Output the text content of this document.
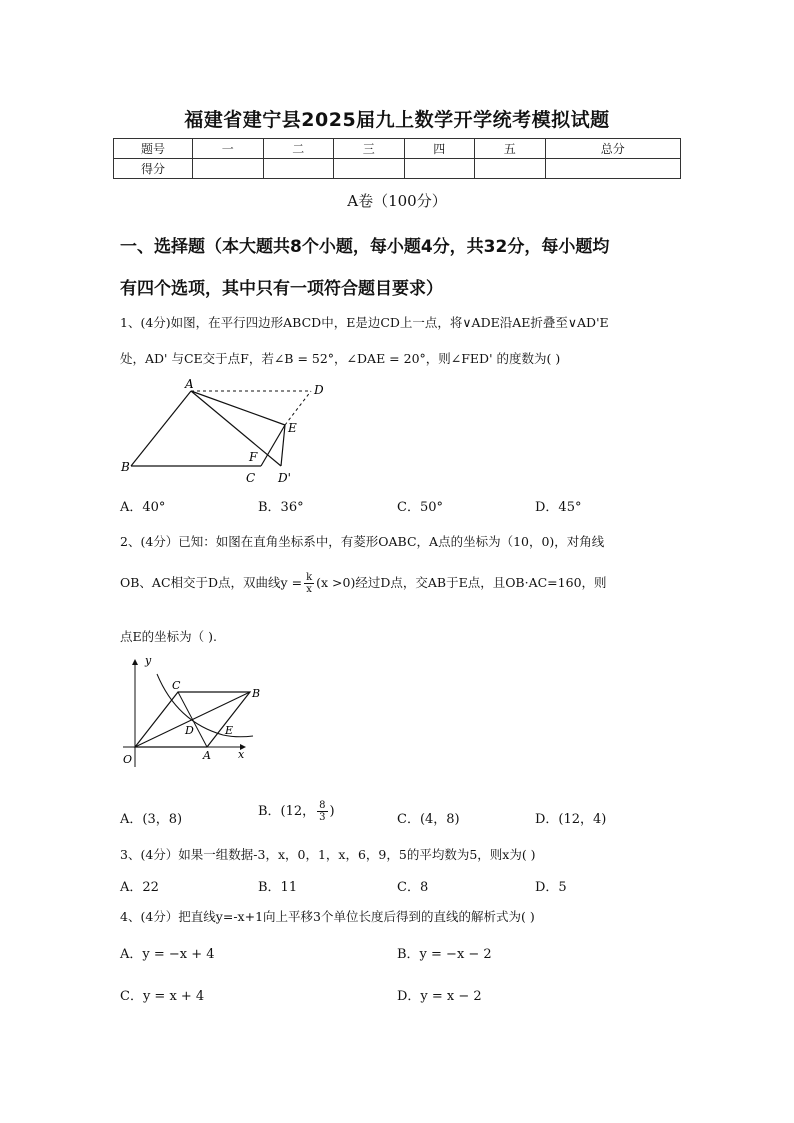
福建省建宁县2025届九上数学开学统考模拟试题
题号	一	二	三	四	五	总分
得分						
A卷（100分）
一、选择题（本大题共8个小题，每小题4分，共32分，每小题均
有四个选项，其中只有一项符合题目要求）
1、(4分)如图，在平行四边形ABCD中，E是边CD上一点，将∨ADE沿AE折叠至∨AD'E
处，AD' 与CE交于点F，若∠B = 52°，∠DAE = 20°，则∠FED' 的度数为( )
A	D
E
F
B
C D'
A．40°	B．36°	C．50°	D．45°
2、(4分）已知：如图在直角坐标系中，有菱形OABC，A点的坐标为（10，0)，对角线
OB、AC相交于D点，双曲线$y = \frac{k}{x} (x >0)$经过D点，交AB于E点，且OB·AC=160，则
点E的坐标为（ ).
y
C
B
D	E
O	A x
A．(3，8)
B．(12， $\frac{8}{3}$ )
C．(4，8)	D．(12，4)
3、(4分）如果一组数据-3，x，0，1，x，6，9，5的平均数为5，则x为( )
A．22	B．11	C．8	D．5
4、(4分）把直线y=-x+1向上平移3个单位长度后得到的直线的解析式为( )
A．y = −x + 4	B．y = −x − 2
C．y = x + 4	D．y = x − 2
